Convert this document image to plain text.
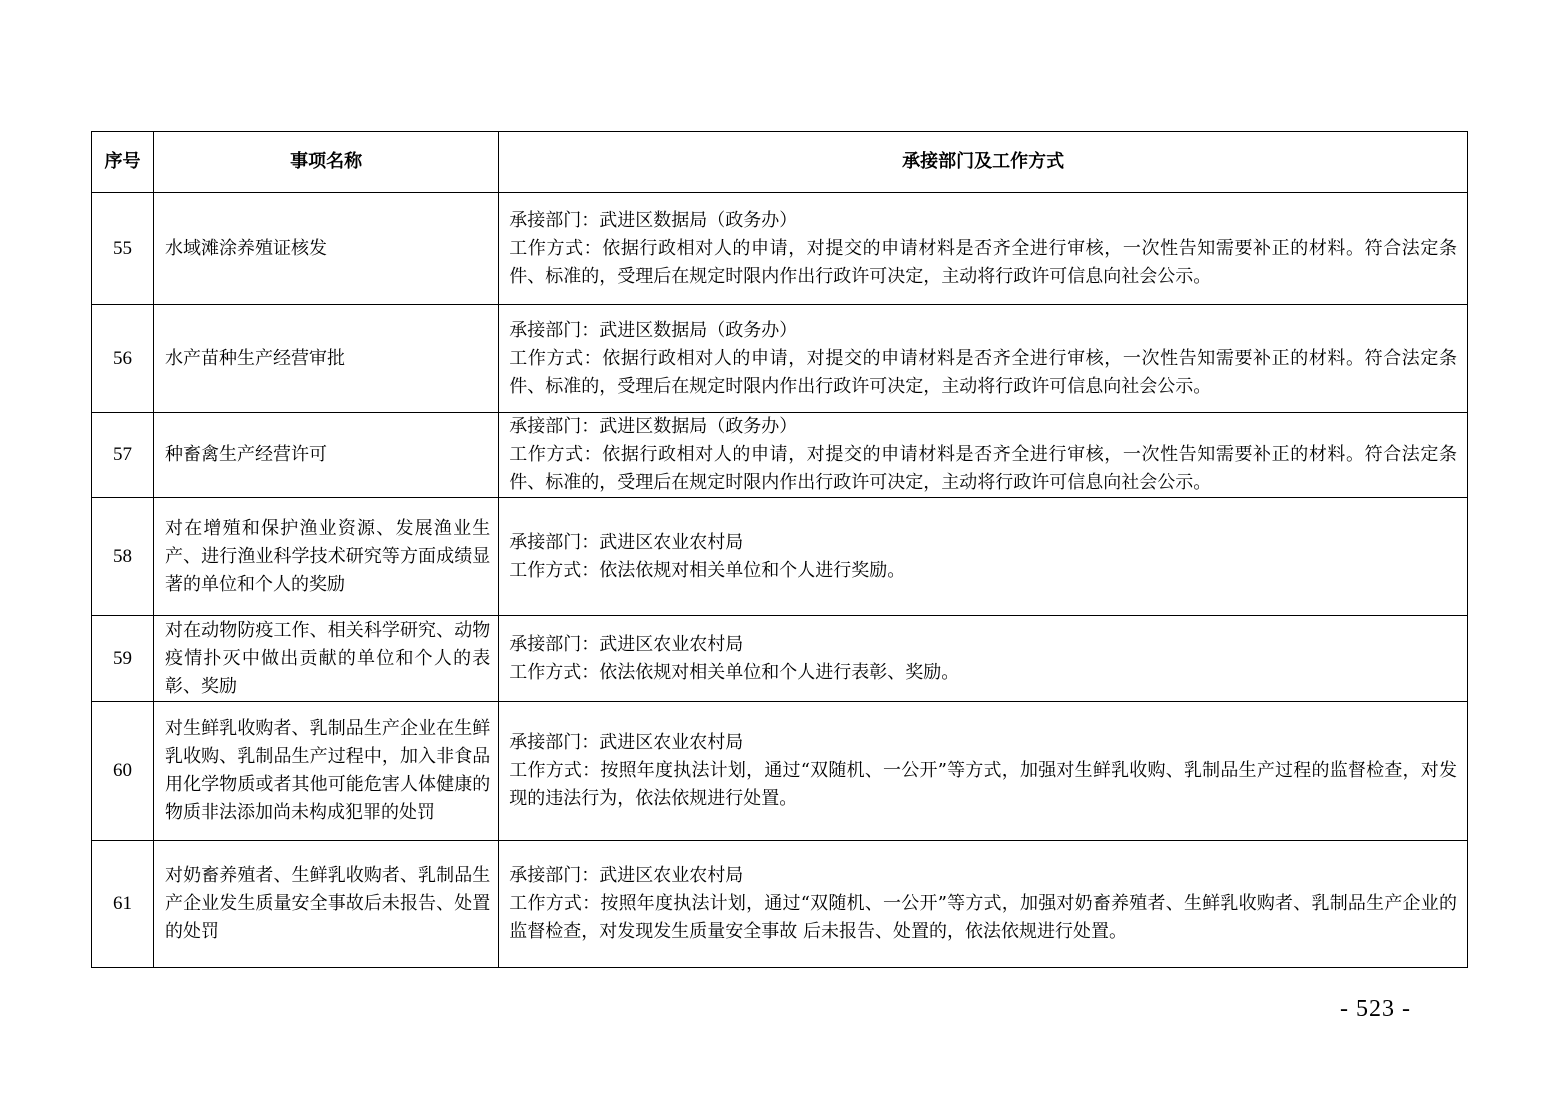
序号	事项名称	承接部门及工作方式
55	水域滩涂养殖证核发	承接部门：武进区数据局（政务办）
工作方式：依据行政相对人的申请，对提交的申请材料是否齐全进行审核，一次性告知需要补正的材料。符合法定条件、标准的，受理后在规定时限内作出行政许可决定，主动将行政许可信息向社会公示。

56	水产苗种生产经营审批	承接部门：武进区数据局（政务办）
工作方式：依据行政相对人的申请，对提交的申请材料是否齐全进行审核，一次性告知需要补正的材料。符合法定条件、标准的，受理后在规定时限内作出行政许可决定，主动将行政许可信息向社会公示。

57	种畜禽生产经营许可	承接部门：武进区数据局（政务办）
工作方式：依据行政相对人的申请，对提交的申请材料是否齐全进行审核，一次性告知需要补正的材料。符合法定条件、标准的，受理后在规定时限内作出行政许可决定，主动将行政许可信息向社会公示。

58	对在增殖和保护渔业资源、发展渔业生产、进行渔业科学技术研究等方面成绩显著的单位和个人的奖励	承接部门：武进区农业农村局
工作方式：依法依规对相关单位和个人进行奖励。

59	对在动物防疫工作、相关科学研究、动物疫情扑灭中做出贡献的单位和个人的表彰、奖励	承接部门：武进区农业农村局
工作方式：依法依规对相关单位和个人进行表彰、奖励。

60	对生鲜乳收购者、乳制品生产企业在生鲜乳收购、乳制品生产过程中，加入非食品用化学物质或者其他可能危害人体健康的物质非法添加尚未构成犯罪的处罚	承接部门：武进区农业农村局
工作方式：按照年度执法计划，通过“双随机、一公开”等方式，加强对生鲜乳收购、乳制品生产过程的监督检查，对发现的违法行为，依法依规进行处置。

61	对奶畜养殖者、生鲜乳收购者、乳制品生产企业发生质量安全事故后未报告、处置的处罚	承接部门：武进区农业农村局
工作方式：按照年度执法计划，通过“双随机、一公开”等方式，加强对奶畜养殖者、生鲜乳收购者、乳制品生产企业的监督检查，对发现发生质量安全事故 后未报告、处置的，依法依规进行处置。
- 523 -
